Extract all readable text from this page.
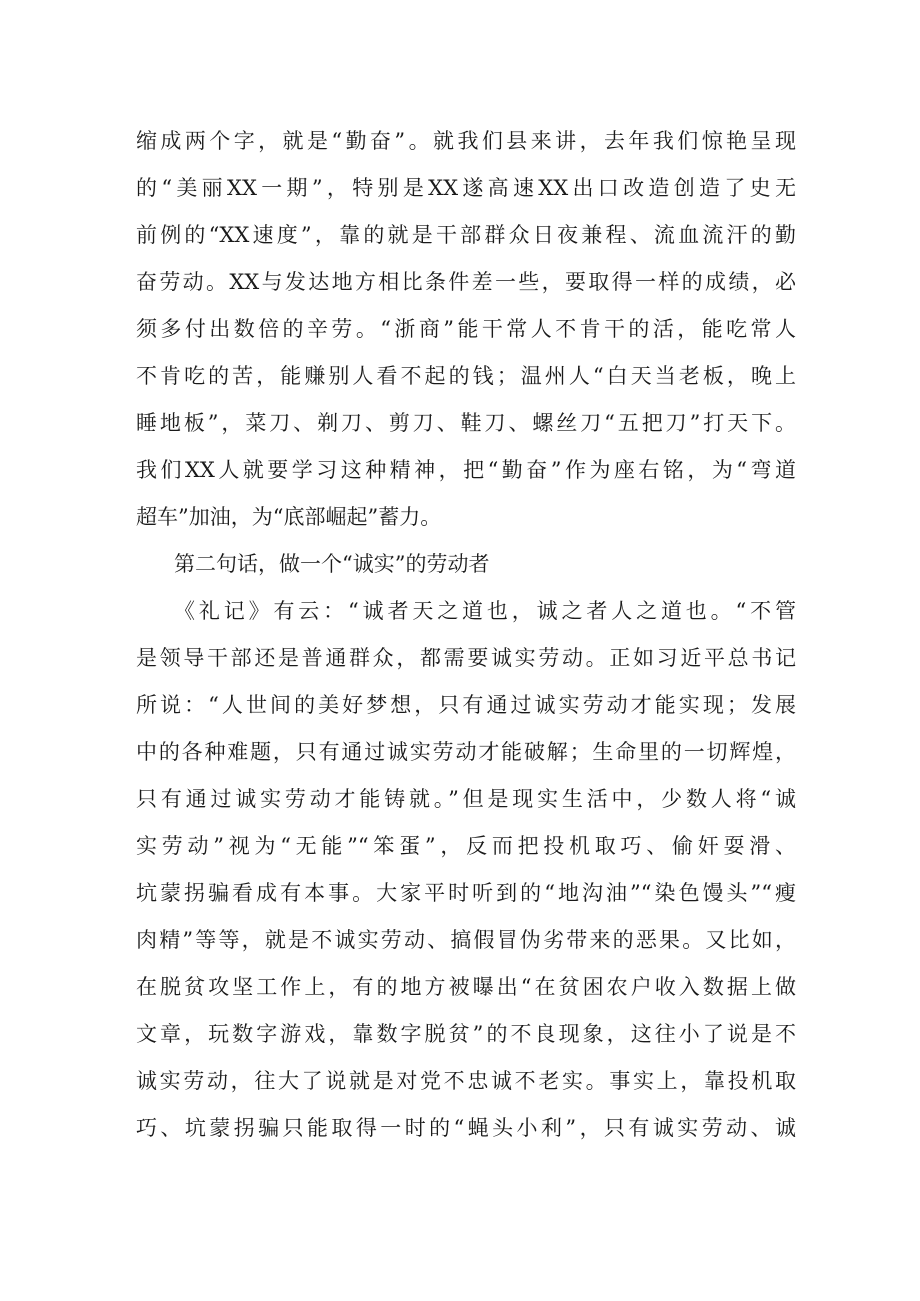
缩成两个字，就是“勤奋”。就我们县来讲，去年我们惊艳呈现
的“美丽XX一期”，特别是XX遂高速XX出口改造创造了史无
前例的“XX速度”，靠的就是干部群众日夜兼程、流血流汗的勤
奋劳动。XX与发达地方相比条件差一些，要取得一样的成绩，必
须多付出数倍的辛劳。“浙商”能干常人不肯干的活，能吃常人
不肯吃的苦，能赚别人看不起的钱；温州人“白天当老板，晚上
睡地板”，菜刀、剃刀、剪刀、鞋刀、螺丝刀“五把刀”打天下。
我们XX人就要学习这种精神，把“勤奋”作为座右铭，为“弯道
超车”加油，为“底部崛起”蓄力。
第二句话，做一个“诚实”的劳动者
《礼记》有云：“诚者天之道也，诚之者人之道也。“不管
是领导干部还是普通群众，都需要诚实劳动。正如习近平总书记
所说：“人世间的美好梦想，只有通过诚实劳动才能实现；发展
中的各种难题，只有通过诚实劳动才能破解；生命里的一切辉煌，
只有通过诚实劳动才能铸就。”但是现实生活中，少数人将“诚
实劳动”视为“无能”“笨蛋”，反而把投机取巧、偷奸耍滑、
坑蒙拐骗看成有本事。大家平时听到的“地沟油”“染色馒头”“瘦
肉精”等等，就是不诚实劳动、搞假冒伪劣带来的恶果。又比如，
在脱贫攻坚工作上，有的地方被曝出“在贫困农户收入数据上做
文章，玩数字游戏，靠数字脱贫”的不良现象，这往小了说是不
诚实劳动，往大了说就是对党不忠诚不老实。事实上，靠投机取
巧、坑蒙拐骗只能取得一时的“蝇头小利”，只有诚实劳动、诚
